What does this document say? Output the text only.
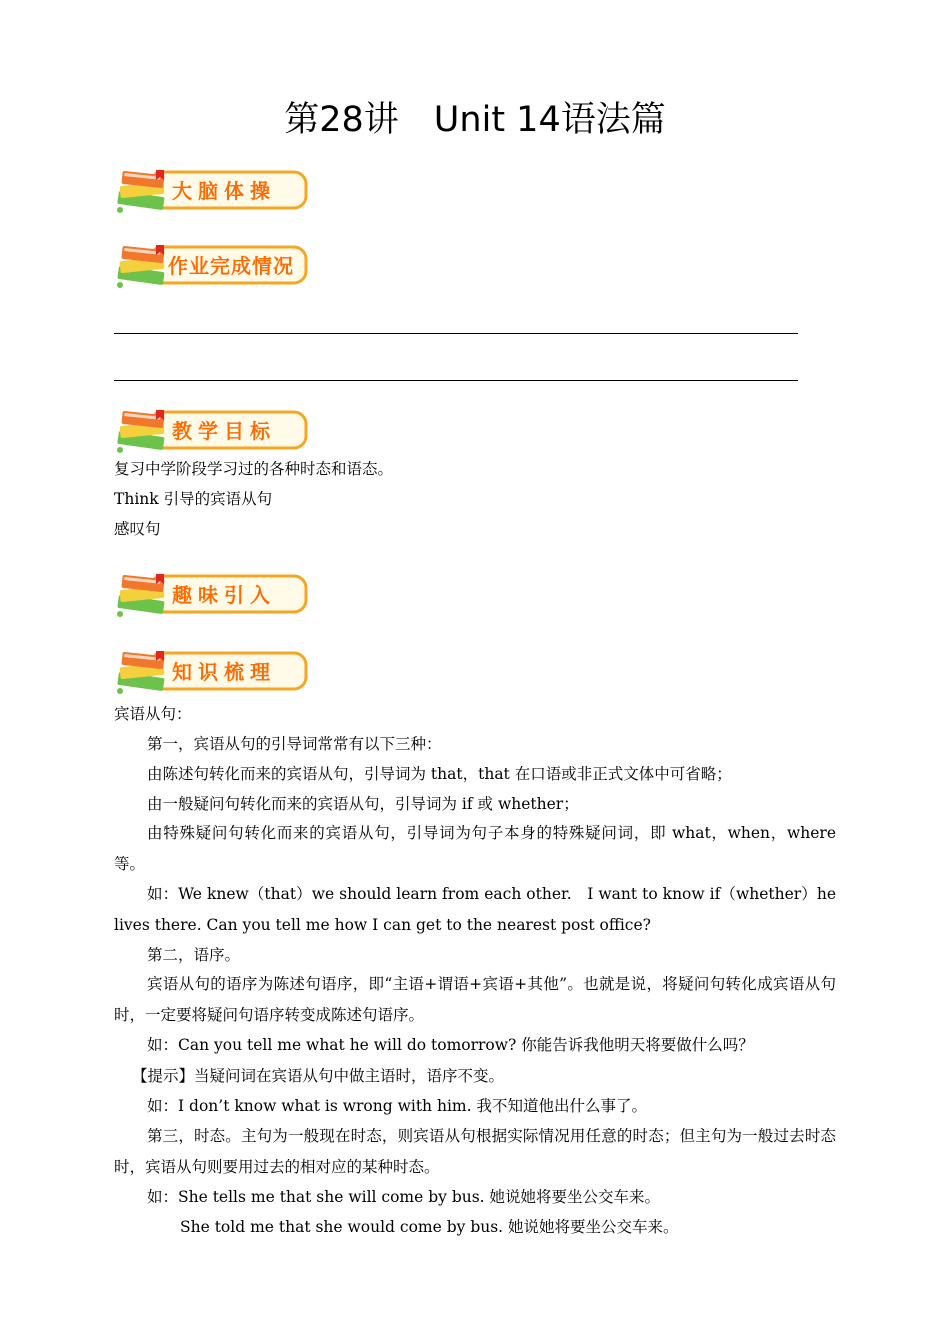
第28讲　Unit 14语法篇
大脑体操
作业完成情况
教学目标
复习中学阶段学习过的各种时态和语态。
Think 引导的宾语从句
感叹句
趣味引入
知识梳理
宾语从句：
第一，宾语从句的引导词常常有以下三种：
由陈述句转化而来的宾语从句，引导词为 that，that 在口语或非正式文体中可省略；
由一般疑问句转化而来的宾语从句，引导词为 if 或 whether；
由特殊疑问句转化而来的宾语从句，引导词为句子本身的特殊疑问词，即 what，when，where 等。
如：We knew（that）we should learn from each other.　I want to know if（whether）he lives there. Can you tell me how I can get to the nearest post office?
第二，语序。
宾语从句的语序为陈述句语序，即“主语+谓语+宾语+其他”。也就是说，将疑问句转化成宾语从句时，一定要将疑问句语序转变成陈述句语序。
如：Can you tell me what he will do tomorrow? 你能告诉我他明天将要做什么吗？
【提示】当疑问词在宾语从句中做主语时，语序不变。
如：I don’t know what is wrong with him. 我不知道他出什么事了。
第三，时态。主句为一般现在时态，则宾语从句根据实际情况用任意的时态；但主句为一般过去时态时，宾语从句则要用过去的相对应的某种时态。
如：She tells me that she will come by bus. 她说她将要坐公交车来。
She told me that she would come by bus. 她说她将要坐公交车来。
